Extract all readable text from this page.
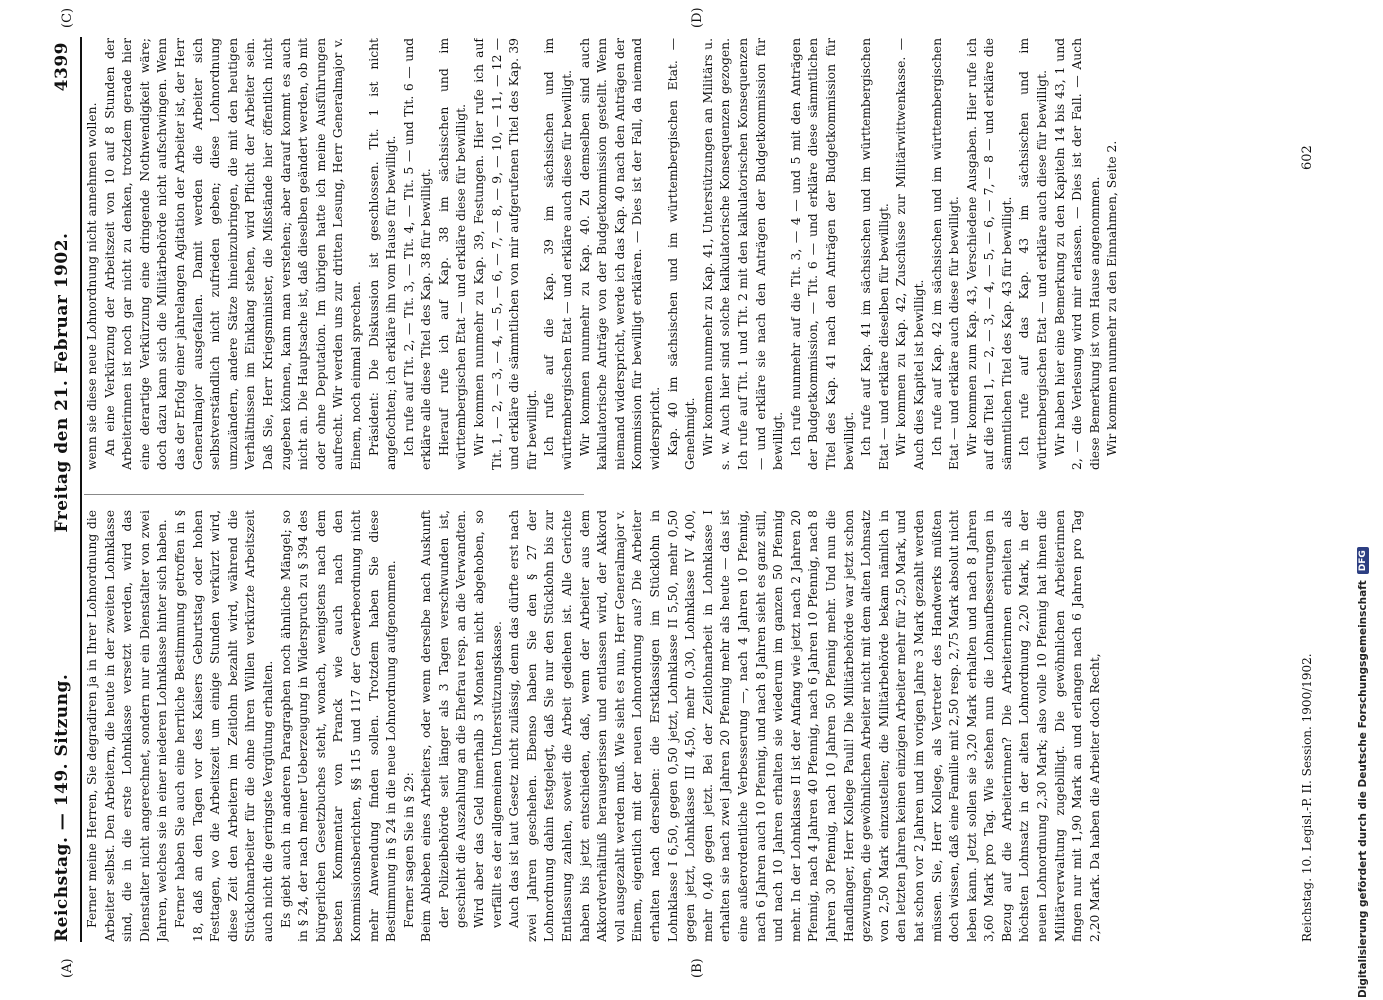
Reichstag. — 149. Sitzung.
Freitag den 21. Februar 1902.
4399
(A)
(C)
(B)
(D)

Ferner meine Herren, Sie degradiren ja in Ihrer Lohnordnung die Arbeiter selbst. Den Arbeitern, die heute in der zweiten Lohnklasse sind, die in die erste Lohnklasse versetzt werden, wird das Dienstalter nicht angerechnet, sondern nur ein Dienstalter von zwei Jahren, welches sie in einer niederen Lohnklasse hinter sich haben. Ferner haben Sie auch eine herrliche Bestimmung getroffen in § 18, daß an den Tagen vor des Kaisers Geburtstag oder hohen Festtagen, wo die Arbeitszeit um einige Stunden verkürzt wird, diese Zeit den Arbeitern im Zeitlohn bezahlt wird, während die Stücklohnarbeiter für die ohne ihren Willen verkürzte Arbeitszeit auch nicht die geringste Vergütung erhalten. Es giebt auch in anderen Paragraphen noch ähnliche Mängel; so in § 24, der nach meiner Ueberzeugung in Widerspruch zu § 394 des bürgerlichen Gesetzbuches steht, wonach, wenigstens nach dem besten Kommentar von Pranck wie auch nach den Kommissionsberichten, §§ 115 und 117 der Gewerbeordnung nicht mehr Anwendung finden sollen. Trotzdem haben Sie diese Bestimmung in § 24 in die neue Lohnordnung aufgenommen. Ferner sagen Sie in § 29: Beim Ableben eines Arbeiters, oder wenn derselbe nach Auskunft der Polizeibehörde seit länger als 3 Tagen verschwunden ist, geschieht die Auszahlung an die Ehefrau resp. an die Verwandten. Wird aber das Geld innerhalb 3 Monaten nicht abgehoben, so verfällt es der allgemeinen Unterstützungskasse. Auch das ist laut Gesetz nicht zulässig, denn das dürfte erst nach zwei Jahren geschehen. Ebenso haben Sie den § 27 der Lohnordnung dahin festgelegt, daß Sie nur den Stücklohn bis zur Entlassung zahlen, soweit die Arbeit gediehen ist. Alle Gerichte haben bis jetzt entschieden, daß, wenn der Arbeiter aus dem Akkordverhältniß herausgerissen und entlassen wird, der Akkord voll ausgezahlt werden muß. Wie sieht es nun, Herr Generalmajor v. Einem, eigentlich mit der neuen Lohnordnung aus? Die Arbeiter erhalten nach derselben: die Erstklassigen im Stücklohn in Lohnklasse I 6,50, gegen 0,50 jetzt, Lohnklasse II 5,50, mehr 0,50 gegen jetzt, Lohnklasse III 4,50, mehr 0,30, Lohnklasse IV 4,00, mehr 0,40 gegen jetzt. Bei der Zeitlohnarbeit in Lohnklasse I erhalten sie nach zwei Jahren 20 Pfennig mehr als heute — das ist eine außerordentliche Verbesserung —, nach 4 Jahren 10 Pfennig, nach 6 Jahren auch 10 Pfennig, und nach 8 Jahren sieht es ganz still, und nach 10 Jahren erhalten sie wiederum im ganzen 50 Pfennig mehr. In der Lohnklasse II ist der Anfang wie jetzt nach 2 Jahren 20 Pfennig, nach 4 Jahren 40 Pfennig, nach 6 Jahren 10 Pfennig, nach 8 Jahren 30 Pfennig, nach 10 Jahren 50 Pfennig mehr. Und nun die Handlanger, Herr Kollege Pauli! Die Militärbehörde war jetzt schon gezwungen, die gewöhnlichen Arbeiter nicht mit dem alten Lohnsatz von 2,50 Mark einzustellen; die Militärbehörde bekam nämlich in den letzten Jahren keinen einzigen Arbeiter mehr für 2,50 Mark, und hat schon vor 2 Jahren und im vorigen Jahre 3 Mark gezahlt werden müssen. Sie, Herr Kollege, als Vertreter des Handwerks müßten doch wissen, daß eine Familie mit 2,50 resp. 2,75 Mark absolut nicht leben kann. Jetzt sollen sie 3,20 Mark erhalten und nach 8 Jahren 3,60 Mark pro Tag. Wie stehen nun die Lohnaufbesserungen in Bezug auf die Arbeiterinnen? Die Arbeiterinnen erhielten als höchsten Lohnsatz in der alten Lohnordnung 2,20 Mark, in der neuen Lohnordnung 2,30 Mark; also volle 10 Pfennig hat ihnen die Militärverwaltung zugebilligt. Die gewöhnlichen Arbeiterinnen fingen nur mit 1,90 Mark an und erlangen nach 6 Jahren pro Tag 2,20 Mark. Da haben die Arbeiter doch Recht,

wenn sie diese neue Lohnordnung nicht annehmen wollen. An eine Verkürzung der Arbeitszeit von 10 auf 8 Stunden der Arbeiterinnen ist noch gar nicht zu denken, trotzdem gerade hier eine derartige Verkürzung eine dringende Nothwendigkeit wäre; doch dazu kann sich die Militärbehörde nicht aufschwingen. Wenn das der Erfolg einer jahrelangen Agitation der Arbeiter ist, der Herr Generalmajor ausgefallen. Damit werden die Arbeiter sich selbstverständlich nicht zufrieden geben; diese Lohnordnung umzuändern, andere Sätze hineinzubringen, die mit den heutigen Verhältnissen im Einklang stehen, wird Pflicht der Arbeiter sein. Daß Sie, Herr Kriegsminister, die Mißstände hier öffentlich nicht zugeben können, kann man verstehen; aber darauf kommt es auch nicht an. Die Hauptsache ist, daß dieselben geändert werden, ob mit oder ohne Deputation. Im übrigen hatte ich meine Ausführungen aufrecht. Wir werden uns zur dritten Lesung, Herr Generalmajor v. Einem, noch einmal sprechen. Präsident: Die Diskussion ist geschlossen. Tit. 1 ist nicht angefochten; ich erkläre ihn vom Hause für bewilligt. Ich rufe auf Tit. 2, — Tit. 3, — Tit. 4, — Tit. 5 — und Tit. 6 — und erkläre alle diese Titel des Kap. 38 für bewilligt. Hierauf rufe ich auf Kap. 38 im sächsischen und im württembergischen Etat — und erkläre diese für bewilligt. Wir kommen nunmehr zu Kap. 39, Festungen. Hier rufe ich auf Tit. 1, — 2, — 3, — 4, — 5, — 6, — 7, — 8, — 9, — 10, — 11, — 12 — und erkläre die sämmtlichen von mir aufgerufenen Titel des Kap. 39 für bewilligt. Ich rufe auf die Kap. 39 im sächsischen und im württembergischen Etat — und erkläre auch diese für bewilligt. Wir kommen nunmehr zu Kap. 40. Zu demselben sind auch kalkulatorische Anträge von der Budgetkommission gestellt. Wenn niemand widerspricht, werde ich das Kap. 40 nach den Anträgen der Kommission für bewilligt erklären. — Dies ist der Fall, da niemand widerspricht. Kap. 40 im sächsischen und im württembergischen Etat. — Genehmigt. Wir kommen nunmehr zu Kap. 41, Unterstützungen an Militärs u. s. w. Auch hier sind solche kalkulatorische Konsequenzen gezogen. Ich rufe auf Tit. 1 und Tit. 2 mit den kalkulatorischen Konsequenzen — und erkläre sie nach den Anträgen der Budgetkommission für bewilligt. Ich rufe nunmehr auf die Tit. 3, — 4 — und 5 mit den Anträgen der Budgetkommission, — Tit. 6 — und erkläre diese sämmtlichen Titel des Kap. 41 nach den Anträgen der Budgetkommission für bewilligt. Ich rufe auf Kap. 41 im sächsischen und im württembergischen Etat — und erkläre dieselben für bewilligt. Wir kommen zu Kap. 42, Zuschüsse zur Militärwittwenkasse. — Auch dies Kapitel ist bewilligt. Ich rufe auf Kap. 42 im sächsischen und im württembergischen Etat — und erkläre auch diese für bewilligt. Wir kommen zum Kap. 43, Verschiedene Ausgaben. Hier rufe ich auf die Titel 1, — 2, — 3, — 4, — 5, — 6, — 7, — 8 — und erkläre die sämmtlichen Titel des Kap. 43 für bewilligt. Ich rufe auf das Kap. 43 im sächsischen und im württembergischen Etat — und erkläre auch diese für bewilligt. Wir haben hier eine Bemerkung zu den Kapiteln 14 bis 43, 1 und 2, — die Verlesung wird mir erlassen. — Dies ist der Fall. — Auch diese Bemerkung ist vom Hause angenommen. Wir kommen nunmehr zu den Einnahmen, Seite 2.

Reichstag. 10. Legisl.-P. II. Session. 1900/1902.
602
Digitalisierung gefördert durch die Deutsche Forschungsgemeinschaft
DFG
